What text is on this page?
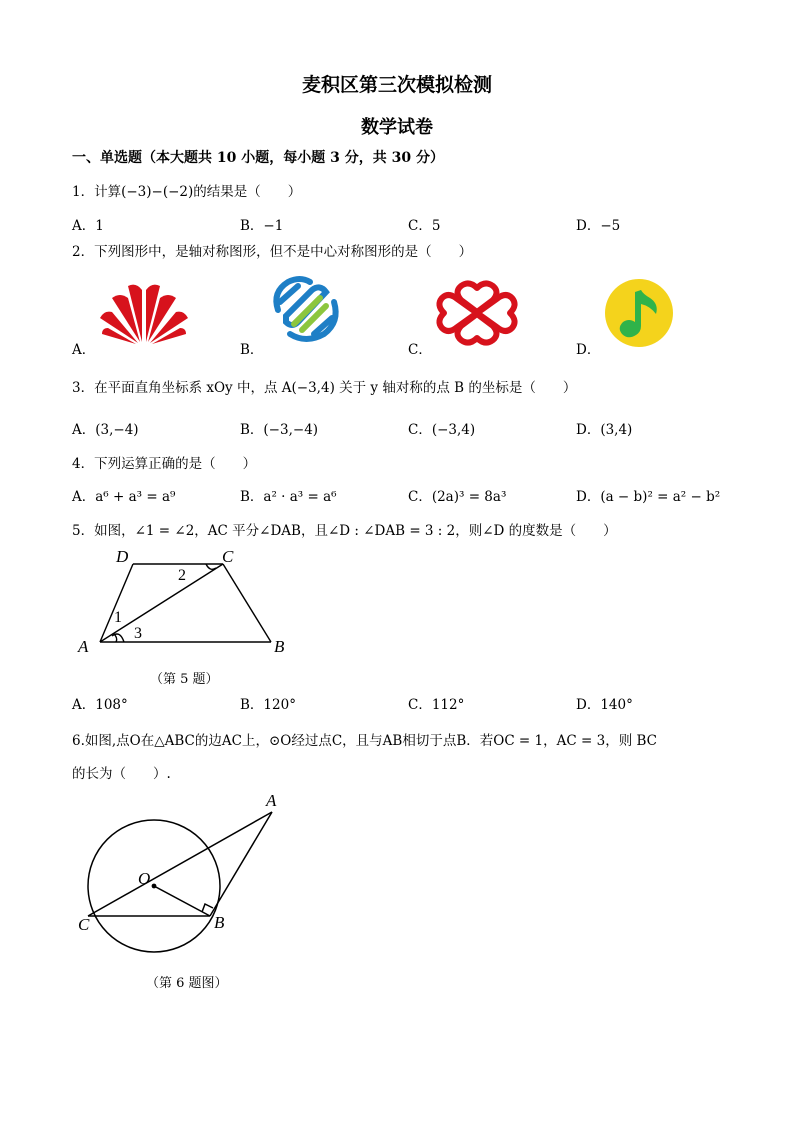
麦积区第三次模拟检测
数学试卷
一、单选题（本大题共 10 小题，每小题 3 分，共 30 分）
1．计算(−3)−(−2)的结果是（　　）
A．1	B．−1	C．5	D．−5
2．下列图形中，是轴对称图形，但不是中心对称图形的是（　　）
A．	B．	C．	D．
3．在平面直角坐标系 xOy 中，点 A(−3,4) 关于 y 轴对称的点 B 的坐标是（　　）
A．(3,−4)	B．(−3,−4)	C．(−3,4)	D．(3,4)
4．下列运算正确的是（　　）
A．a⁶ + a³ = a⁹	B．a² · a³ = a⁶	C．(2a)³ = 8a³	D．(a − b)² = a² − b²
5．如图，∠1 = ∠2，AC 平分∠DAB，且∠D : ∠DAB = 3 : 2，则∠D 的度数是（　　）
D	C
A	B
1
2
3
（第 5 题）
A．108°	B．120°	C．112°	D．140°
6.如图,点O在△ABC的边AC上，⊙O经过点C，且与AB相切于点B．若OC = 1，AC = 3，则 BC
的长为（　　）.
A
O
C	B
（第 6 题图）
